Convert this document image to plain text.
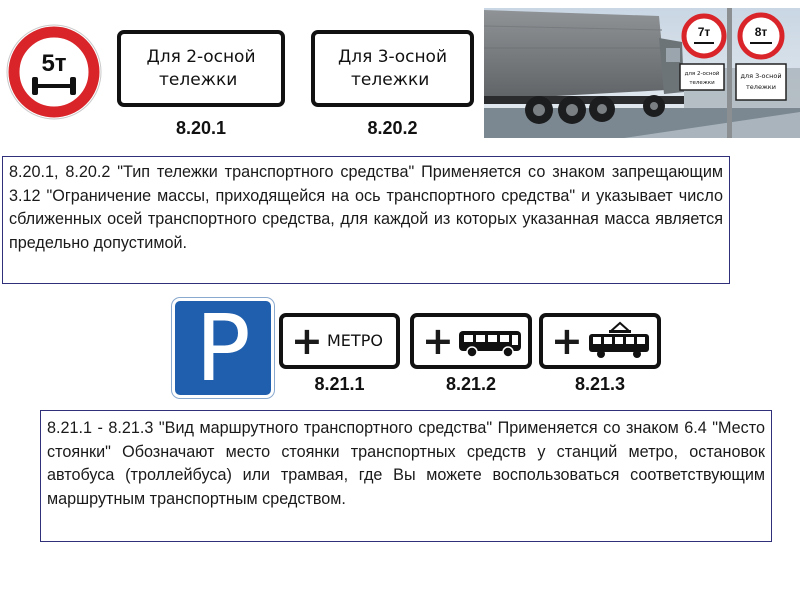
5т	Для 2-осной
тележки
8.20.1
Для 3-осной
тележки
8.20.2
7т	8т
для 2-осной
тележки
для 3-осной
тележки
8.20.1, 8.20.2 "Тип тележки транспортного средства" Применяется со знаком запрещающим 3.12 "Ограничение массы, приходящейся на ось транспортного средства" и указывает число сближенных осей транспортного средства, для каждой из которых указанная масса является предельно допустимой.
P	+ МЕТРО
8.21.1
+
8.21.2
+
8.21.3
8.21.1 - 8.21.3 "Вид маршрутного транспортного средства" Применяется со знаком 6.4 "Место стоянки" Обозначают место стоянки транспортных средств у станций метро, остановок автобуса (троллейбуса) или трамвая, где Вы можете воспользоваться соответствующим маршрутным транспортным средством.
